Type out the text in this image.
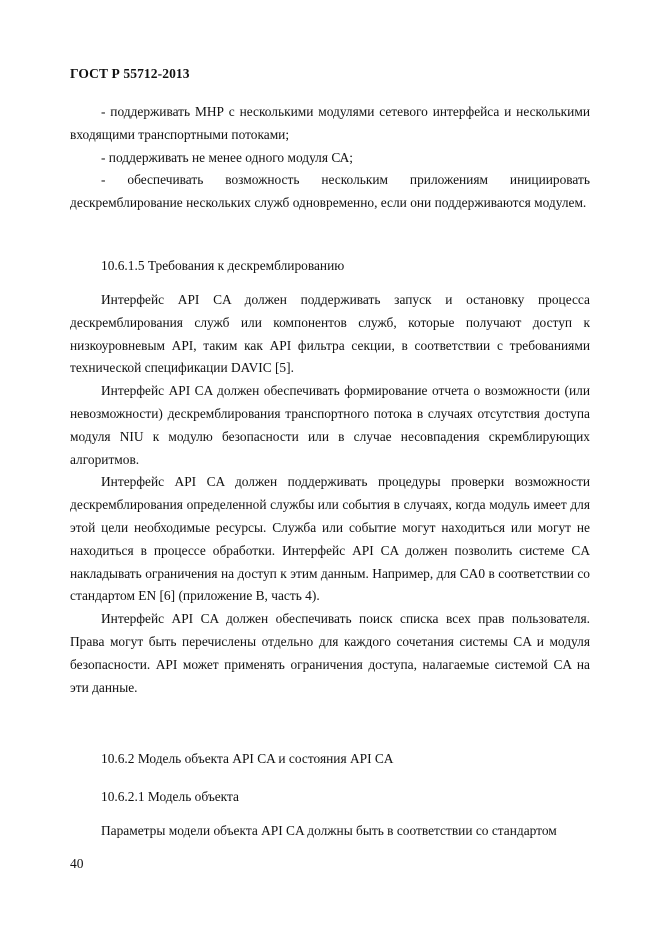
ГОСТ Р 55712-2013

- поддерживать МНР с несколькими модулями сетевого интерфейса и несколькими входящими транспортными потоками;

- поддерживать не менее одного модуля СА;

- обеспечивать возможность нескольким приложениям инициировать дескремблирование нескольких служб одновременно, если они поддерживаются модулем.

10.6.1.5 Требования к дескремблированию

Интерфейс API CA должен поддерживать запуск и остановку процесса дескремблирования служб или компонентов служб, которые получают доступ к низкоуровневым API, таким как API фильтра секции, в соответствии с требованиями технической спецификации DAVIC [5].

Интерфейс API CA должен обеспечивать формирование отчета о возможности (или невозможности) дескремблирования транспортного потока в случаях отсутствия доступа модуля NIU к модулю безопасности или в случае несовпадения скремблирующих алгоритмов.

Интерфейс API CA должен поддерживать процедуры проверки возможности дескремблирования определенной службы или события в случаях, когда модуль имеет для этой цели необходимые ресурсы. Служба или событие могут находиться или могут не находиться в процессе обработки. Интерфейс API CA должен позволить системе CA накладывать ограничения на доступ к этим данным. Например, для CA0 в соответствии со стандартом EN [6] (приложение B, часть 4).

Интерфейс API CA должен обеспечивать поиск списка всех прав пользователя. Права могут быть перечислены отдельно для каждого сочетания системы CA и модуля безопасности. API может применять ограничения доступа, налагаемые системой CA на эти данные.

10.6.2 Модель объекта API CA и состояния API CA
10.6.2.1 Модель объекта

Параметры модели объекта API CA должны быть в соответствии со стандартом

40
